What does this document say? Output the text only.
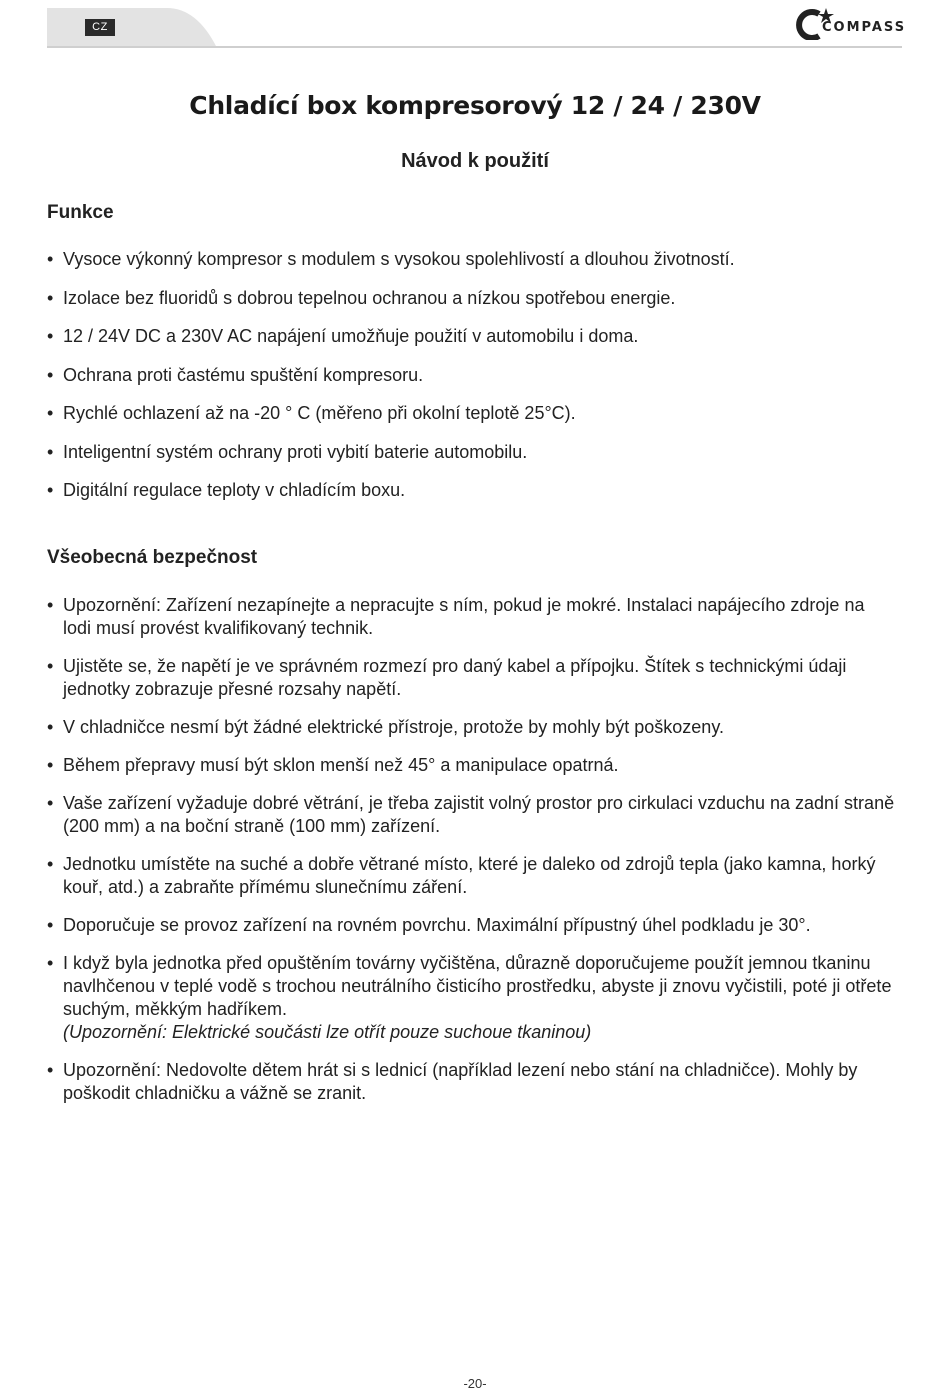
CZ	COMPASS
Chladící box kompresorový 12 / 24 / 230V
Návod k použití
Funkce
• Vysoce výkonný kompresor s modulem s vysokou spolehlivostí a dlouhou životností.
• Izolace bez fluoridů s dobrou tepelnou ochranou a nízkou spotřebou energie.
• 12 / 24V DC a 230V AC napájení umožňuje použití v automobilu i doma.
• Ochrana proti častému spuštění kompresoru.
• Rychlé ochlazení až na -20 ° C (měřeno při okolní teplotě 25°C).
• Inteligentní systém ochrany proti vybití baterie automobilu.
• Digitální regulace teploty v chladícím boxu.
Všeobecná bezpečnost
• Upozornění: Zařízení nezapínejte a nepracujte s ním, pokud je mokré. Instalaci napájecího zdroje na lodi musí provést kvalifikovaný technik.
• Ujistěte se, že napětí je ve správném rozmezí pro daný kabel a přípojku. Štítek s technickými údaji jednotky zobrazuje přesné rozsahy napětí.
• V chladničce nesmí být žádné elektrické přístroje, protože by mohly být poškozeny.
• Během přepravy musí být sklon menší než 45° a manipulace opatrná.
• Vaše zařízení vyžaduje dobré větrání, je třeba zajistit volný prostor pro cirkulaci vzduchu na zadní straně (200 mm) a na boční straně (100 mm) zařízení.
• Jednotku umístěte na suché a dobře větrané místo, které je daleko od zdrojů tepla (jako kamna, horký kouř, atd.) a zabraňte přímému slunečnímu záření.
• Doporučuje se provoz zařízení na rovném povrchu. Maximální přípustný úhel podkladu je 30°.
• I když byla jednotka před opuštěním továrny vyčištěna, důrazně doporučujeme použít jemnou tkaninu navlhčenou v teplé vodě s trochou neutrálního čisticího prostředku, abyste ji znovu vyčistili, poté ji otřete suchým, měkkým hadříkem.
(Upozornění: Elektrické součásti lze otřít pouze suchoue tkaninou)
• Upozornění: Nedovolte dětem hrát si s lednicí (například lezení nebo stání na chladničce). Mohly by poškodit chladničku a vážně se zranit.
-20-
